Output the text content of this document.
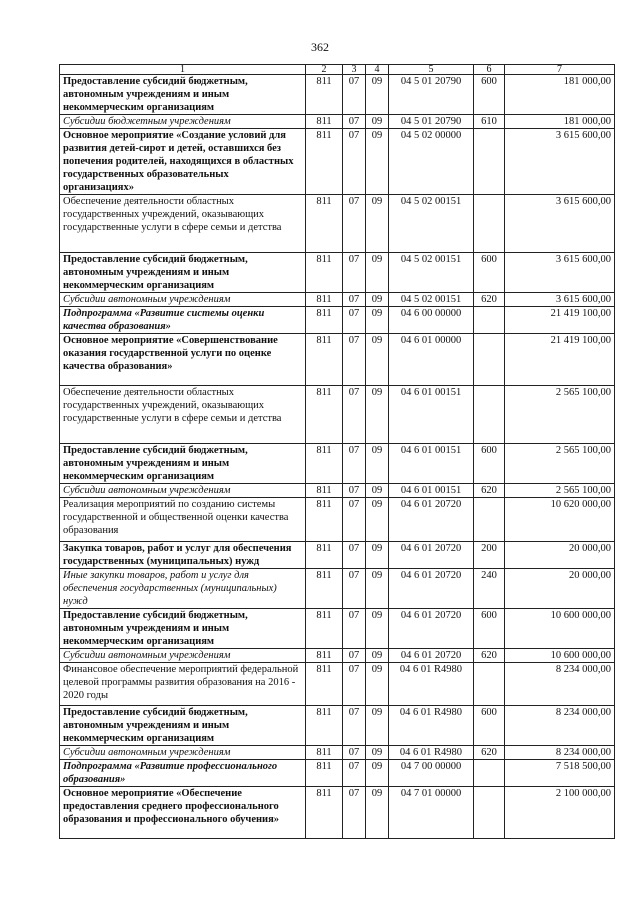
362
1	2	3	4	5	6	7
Предоставление субсидий бюджетным, автономным учреждениям и иным некоммерческим организациям	811	07	09	04 5 01 20790	600	181 000,00
Субсидии бюджетным учреждениям	811	07	09	04 5 01 20790	610	181 000,00
Основное мероприятие «Создание условий для развития детей-сирот и детей, оставшихся без попечения родителей, находящихся в областных государственных образовательных организациях»	811	07	09	04 5 02 00000		3 615 600,00
Обеспечение деятельности областных государственных учреждений, оказывающих государственные услуги в сфере семьи и детства	811	07	09	04 5 02 00151		3 615 600,00
Предоставление субсидий бюджетным, автономным учреждениям и иным некоммерческим организациям	811	07	09	04 5 02 00151	600	3 615 600,00
Субсидии автономным учреждениям	811	07	09	04 5 02 00151	620	3 615 600,00
Подпрограмма «Развитие системы оценки качества образования»	811	07	09	04 6 00 00000		21 419 100,00
Основное мероприятие «Совершенствование оказания государственной услуги по оценке качества образования»	811	07	09	04 6 01 00000		21 419 100,00
Обеспечение деятельности областных государственных учреждений, оказывающих государственные услуги в сфере семьи и детства	811	07	09	04 6 01 00151		2 565 100,00
Предоставление субсидий бюджетным, автономным учреждениям и иным некоммерческим организациям	811	07	09	04 6 01 00151	600	2 565 100,00
Субсидии автономным учреждениям	811	07	09	04 6 01 00151	620	2 565 100,00
Реализация мероприятий по созданию системы государственной и общественной оценки качества образования	811	07	09	04 6 01 20720		10 620 000,00
Закупка товаров, работ и услуг для обеспечения государственных (муниципальных) нужд	811	07	09	04 6 01 20720	200	20 000,00
Иные закупки товаров, работ и услуг для обеспечения государственных (муниципальных) нужд	811	07	09	04 6 01 20720	240	20 000,00
Предоставление субсидий бюджетным, автономным учреждениям и иным некоммерческим организациям	811	07	09	04 6 01 20720	600	10 600 000,00
Субсидии автономным учреждениям	811	07	09	04 6 01 20720	620	10 600 000,00
Финансовое обеспечение мероприятий федеральной целевой программы развития образования на 2016 - 2020 годы	811	07	09	04 6 01 R4980		8 234 000,00
Предоставление субсидий бюджетным, автономным учреждениям и иным некоммерческим организациям	811	07	09	04 6 01 R4980	600	8 234 000,00
Субсидии автономным учреждениям	811	07	09	04 6 01 R4980	620	8 234 000,00
Подпрограмма «Развитие профессионального образования»	811	07	09	04 7 00 00000		7 518 500,00
Основное мероприятие «Обеспечение предоставления среднего профессионального образования и профессионального обучения»	811	07	09	04 7 01 00000		2 100 000,00
